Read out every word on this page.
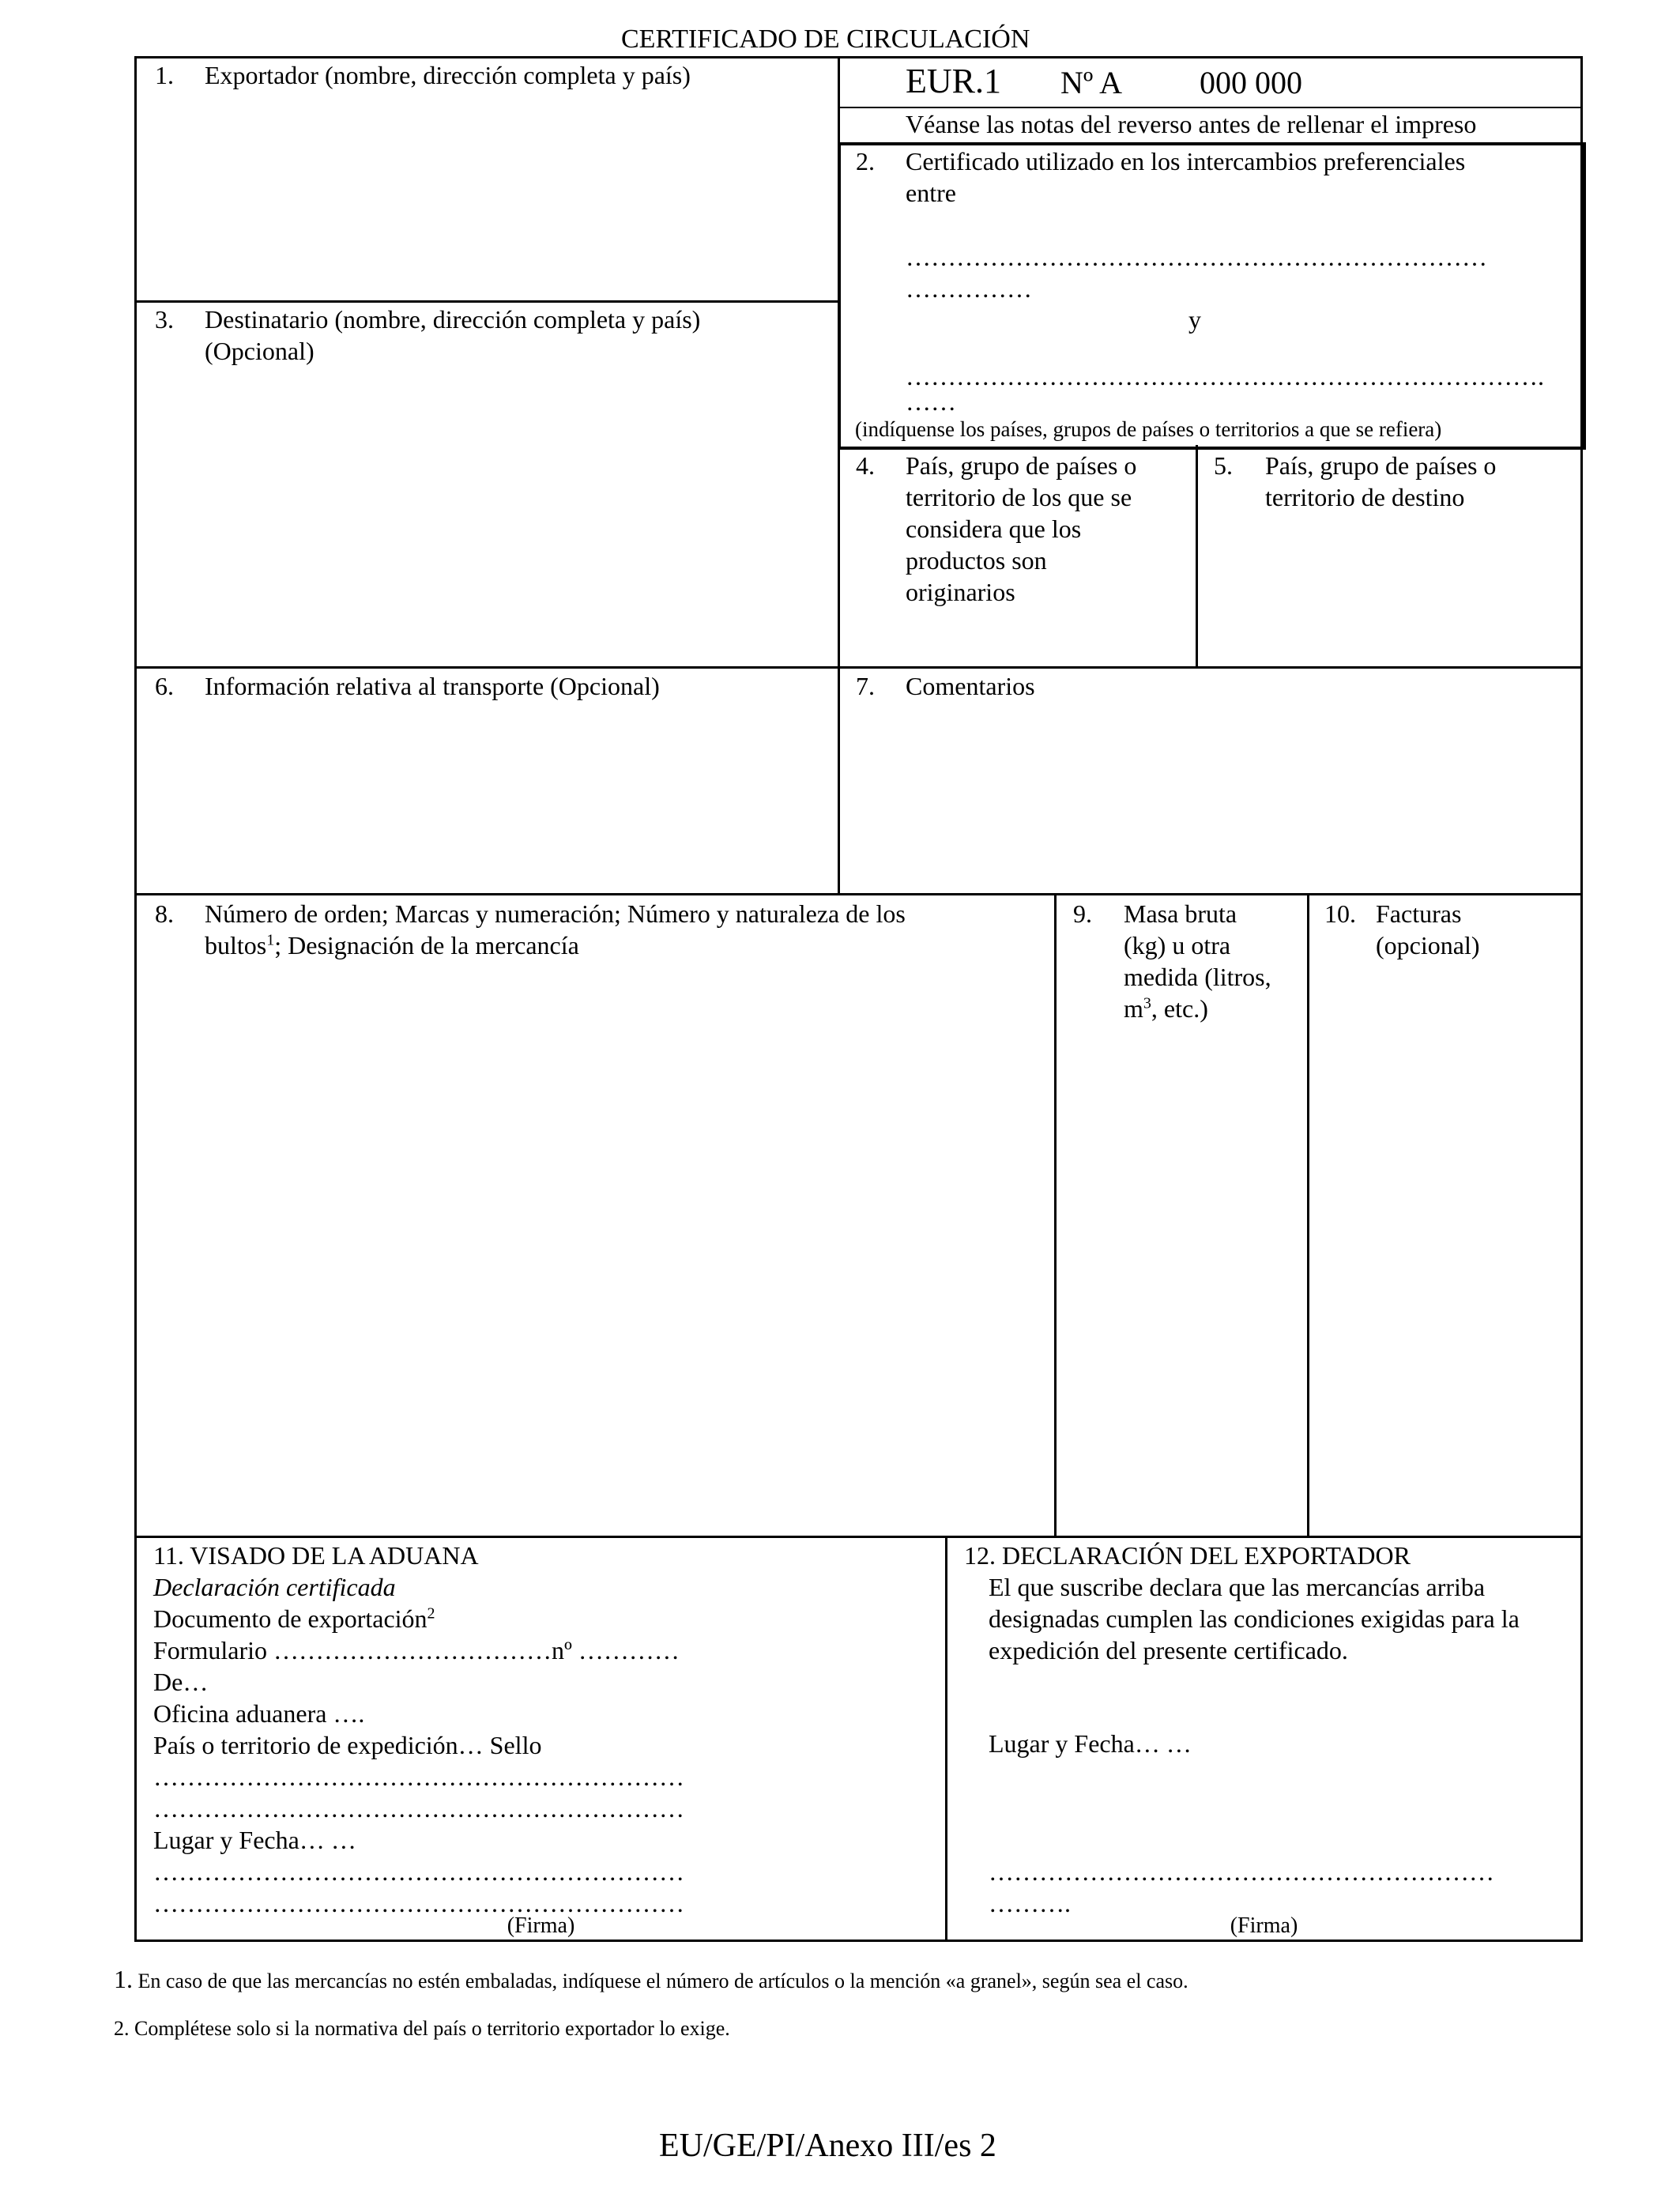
CERTIFICADO DE CIRCULACIÓN
1. Exportador (nombre, dirección completa y país)	EUR.1 Nº A 000 000
Véanse las notas del reverso antes de rellenar el impreso
2. Certificado utilizado en los intercambios preferenciales
entre
……………………………………………………………
……………
y
………………………………………………………………….
……
(indíquense los países, grupos de países o territorios a que se refiera)
3. Destinatario (nombre, dirección completa y país)
(Opcional)
4. País, grupo de países o
territorio de los que se
considera que los
productos son
originarios
5. País, grupo de países o
territorio de destino
6. Información relativa al transporte (Opcional)	7. Comentarios
8. Número de orden; Marcas y numeración; Número y naturaleza de los
bultos$^1$; Designación de la mercancía
9. Masa bruta
(kg) u otra
medida (litros,
$m^3$, etc.)
10. Facturas
(opcional)
11. VISADO DE LA ADUANA
Declaración certificada
Documento de exportación$^2$
Formulario ……………………………nº …………
De…
Oficina aduanera ….
País o territorio de expedición… Sello
………………………………………………………
………………………………………………………
Lugar y Fecha… …
………………………………………………………
………………………………………………………
(Firma)
12. DECLARACIÓN DEL EXPORTADOR
El que suscribe declara que las mercancías arriba
designadas cumplen las condiciones exigidas para la
expedición del presente certificado.
Lugar y Fecha… …
……………………………………………………
……….
(Firma)
1. En caso de que las mercancías no estén embaladas, indíquese el número de artículos o la mención «a granel», según sea el caso.
2. Complétese solo si la normativa del país o territorio exportador lo exige.
EU/GE/PI/Anexo III/es 2
